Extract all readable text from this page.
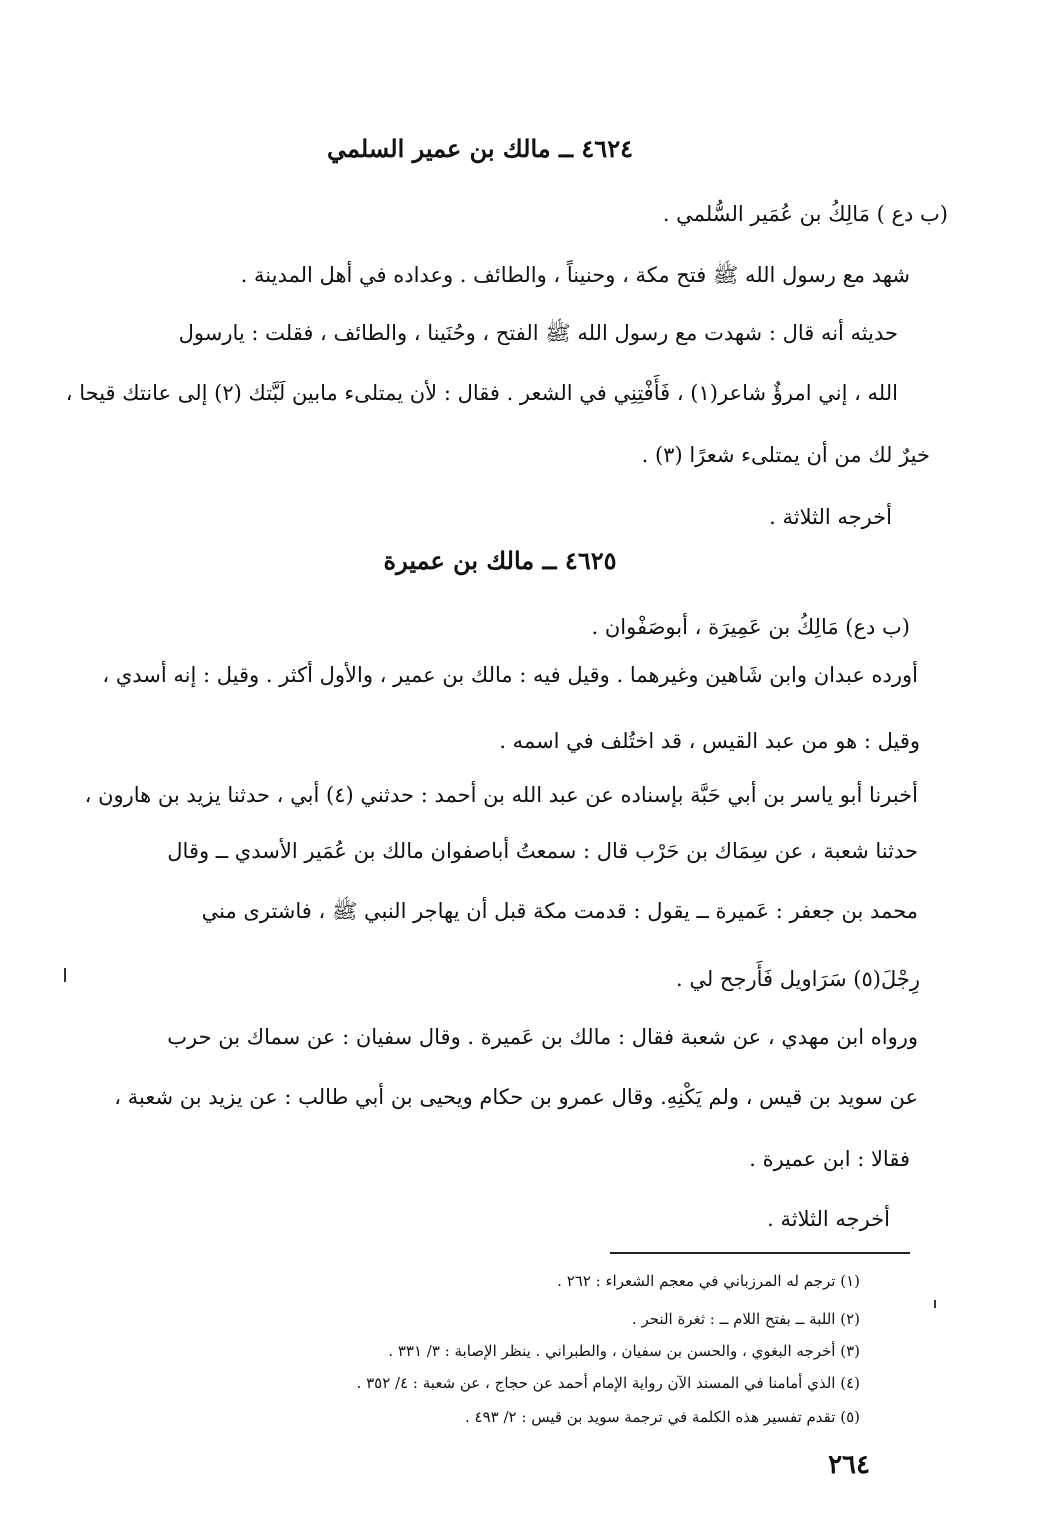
٤٦٢٤ ــ مالك بن عمير السلمي
(ب دع ) مَالِكُ بن عُمَير السُّلمي .
شهد مع رسول الله ﷺ فتح مكة ، وحنيناً ، والطائف . وعداده في أهل المدينة .
حديثه أنه قال : شهدت مع رسول الله ﷺ الفتح ، وحُنَينا ، والطائف ، فقلت : يارسول
الله ، إني امرؤٌ شاعر(١) ، فَأَفْتِنِي في الشعر . فقال : لأن يمتلىء مابين لَبَّتك (٢) إلى عانتك قيحا ،
خيرٌ لك من أن يمتلىء شعرًا (٣) .
أخرجه الثلاثة .
٤٦٢٥ ــ مالك بن عميرة
(ب دع) مَالِكُ بن عَمِيرَة ، أبوصَفْوان .
أورده عبدان وابن شَاهين وغيرهما . وقيل فيه : مالك بن عمير ، والأول أكثر . وقيل : إنه أسدي ،
وقيل : هو من عبد القيس ، قد اختُلف في اسمه .
أخبرنا أبو ياسر بن أبي حَبَّة بإسناده عن عبد الله بن أحمد : حدثني (٤) أبي ، حدثنا يزيد بن هارون ،
حدثنا شعبة ، عن سِمَاك بن حَرْب قال : سمعتُ أباصفوان مالك بن عُمَير الأسدي ــ وقال
محمد بن جعفر : عَميرة ــ يقول : قدمت مكة قبل أن يهاجر النبي ﷺ ، فاشترى مني
رِجْلَ(٥) سَرَاويل فَأَرجح لي .
ورواه ابن مهدي ، عن شعبة فقال : مالك بن عَميرة . وقال سفيان : عن سماك بن حرب
عن سويد بن قيس ، ولم يَكْنِهِ. وقال عمرو بن حكام ويحيى بن أبي طالب : عن يزيد بن شعبة ،
فقالا : ابن عميرة .
أخرجه الثلاثة .
(١) ترجم له المرزباني في معجم الشعراء : ٢٦٢ .
(٢) اللبة ــ بفتح اللام ــ : ثغرة النحر .
(٣) أخرجه البغوي ، والحسن بن سفيان ، والطبراني . ينظر الإصابة : ٣/ ٣٣١ .
(٤) الذي أمامنا في المسند الآن رواية الإمام أحمد عن حجاج ، عن شعبة : ٤/ ٣٥٢ .
(٥) تقدم تفسير هذه الكلمة في ترجمة سويد بن قيس : ٢/ ٤٩٣ .
٢٦٤
